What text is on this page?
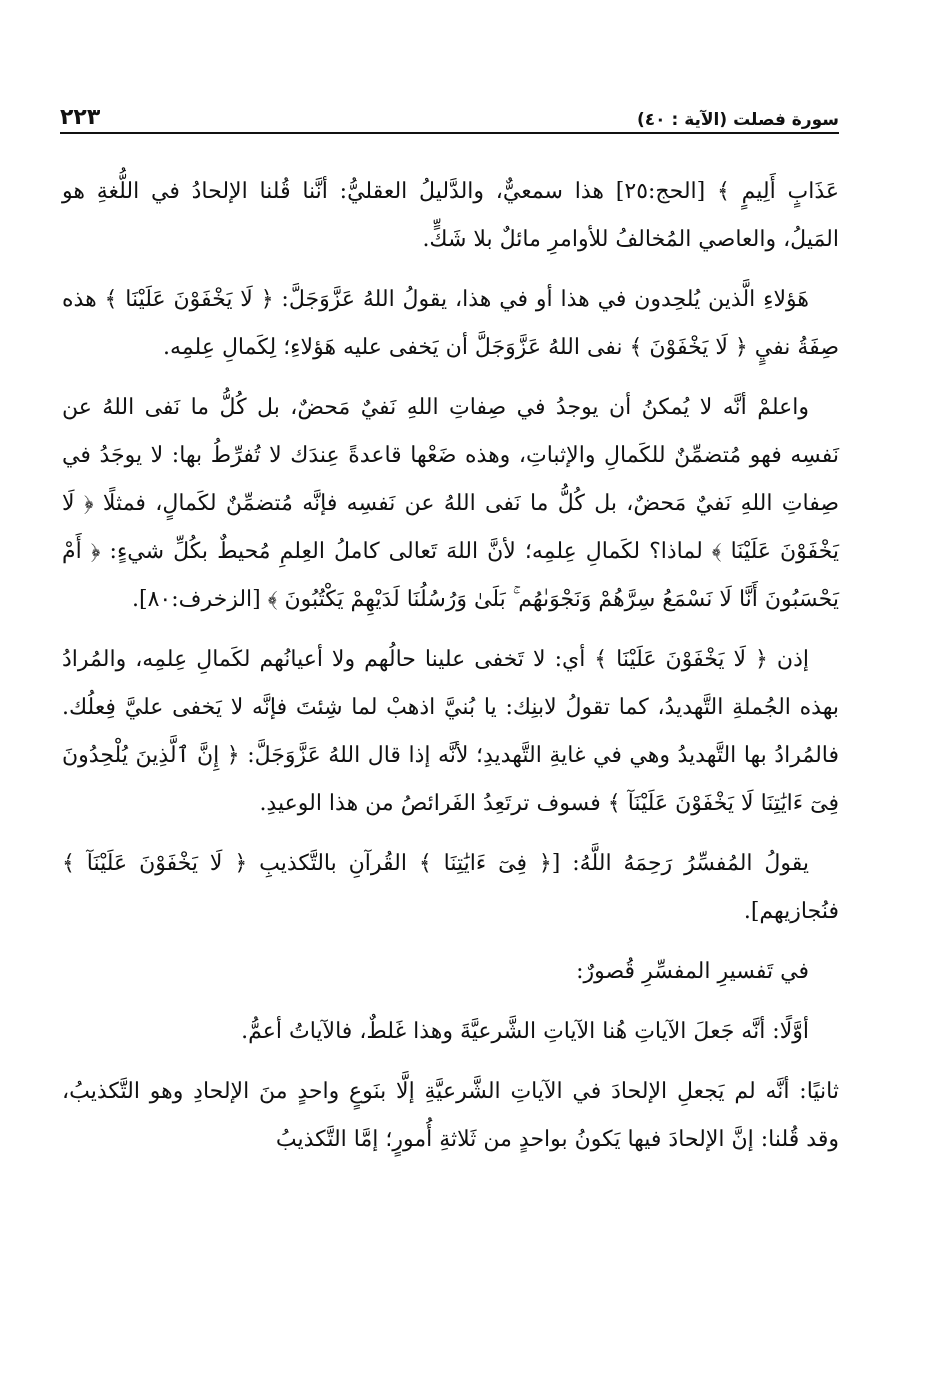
سورة فصلت (الآية : ٤٠)
٢٢٣

عَذَابٍ أَلِيمٍ ﴾ [الحج:٢٥] هذا سمعيٌّ، والدَّليلُ العقليُّ: أنَّنا قُلنا الإلحادُ في اللُّغةِ هو المَيلُ، والعاصي المُخالفُ للأوامرِ مائلٌ بلا شَكٍّ.

هَؤلاءِ الَّذين يُلحِدون في هذا أو في هذا، يقولُ اللهُ عَزَّوَجَلَّ: ﴿ لَا يَخْفَوْنَ عَلَيْنَا ﴾ هذه صِفَةُ نفيٍ ﴿ لَا يَخْفَوْنَ ﴾ نفى اللهُ عَزَّوَجَلَّ أن يَخفى عليه هَؤلاءِ؛ لِكَمالِ عِلمِه.

واعلمْ أنَّه لا يُمكنُ أن يوجدُ في صِفاتِ اللهِ نَفيٌ مَحضٌ، بل كُلُّ ما نَفى اللهُ عن نَفسِه فهو مُتضمِّنٌ للكَمالِ والإثباتِ، وهذه ضَعْها قاعدةً عِندَك لا تُفرِّطُ بها: لا يوجَدُ في صِفاتِ اللهِ نَفيٌ مَحضٌ، بل كُلُّ ما نَفى اللهُ عن نَفسِه فإنَّه مُتضمِّنٌ لكَمالٍ، فمثلًا ﴿ لَا يَخْفَوْنَ عَلَيْنَا ﴾ لماذا؟ لكَمالِ عِلمِه؛ لأنَّ اللهَ تَعالى كاملُ العِلمِ مُحيطٌ بكُلِّ شيءٍ: ﴿ أَمْ يَحْسَبُونَ أَنَّا لَا نَسْمَعُ سِرَّهُمْ وَنَجْوَىٰهُم ۚ بَلَىٰ وَرُسُلُنَا لَدَيْهِمْ يَكْتُبُونَ ﴾ [الزخرف:٨٠].

إذن ﴿ لَا يَخْفَوْنَ عَلَيْنَا ﴾ أي: لا تَخفى علينا حالُهم ولا أعيانُهم لكَمالِ عِلمِه، والمُرادُ بهذه الجُملةِ التَّهديدُ، كما تقولُ لابنِك: يا بُنيَّ اذهبْ لما شِئتَ فإنَّه لا يَخفى عليَّ فِعلُك. فالمُرادُ بها التَّهديدُ وهي في غايةِ التَّهديدِ؛ لأنَّه إذا قال اللهُ عَزَّوَجَلَّ: ﴿ إِنَّ ٱلَّذِينَ يُلْحِدُونَ فِىٓ ءَايَٰتِنَا لَا يَخْفَوْنَ عَلَيْنَآ ﴾ فسوف ترتَعِدُ الفَرائصُ من هذا الوعيدِ.

يقولُ المُفسِّرُ رَحِمَهُ اللَّهُ: [﴿ فِىٓ ءَايَٰتِنَا ﴾ القُرآنِ بالتَّكذيبِ ﴿ لَا يَخْفَوْنَ عَلَيْنَآ ﴾ فنُجازيهم].

في تَفسيرِ المفسِّرِ قُصورٌ:

أوَّلًا: أنَّه جَعلَ الآياتِ هُنا الآياتِ الشَّرعيَّةَ وهذا غَلطٌ، فالآياتُ أعمُّ.

ثانيًا: أنَّه لم يَجعلِ الإلحادَ في الآياتِ الشَّرعيَّةِ إلَّا بنَوعٍ واحدٍ منَ الإلحادِ وهو التَّكذيبُ، وقد قُلنا: إنَّ الإلحادَ فيها يَكونُ بواحدٍ من ثَلاثةِ أُمورٍ؛ إمَّا التَّكذيبُ
